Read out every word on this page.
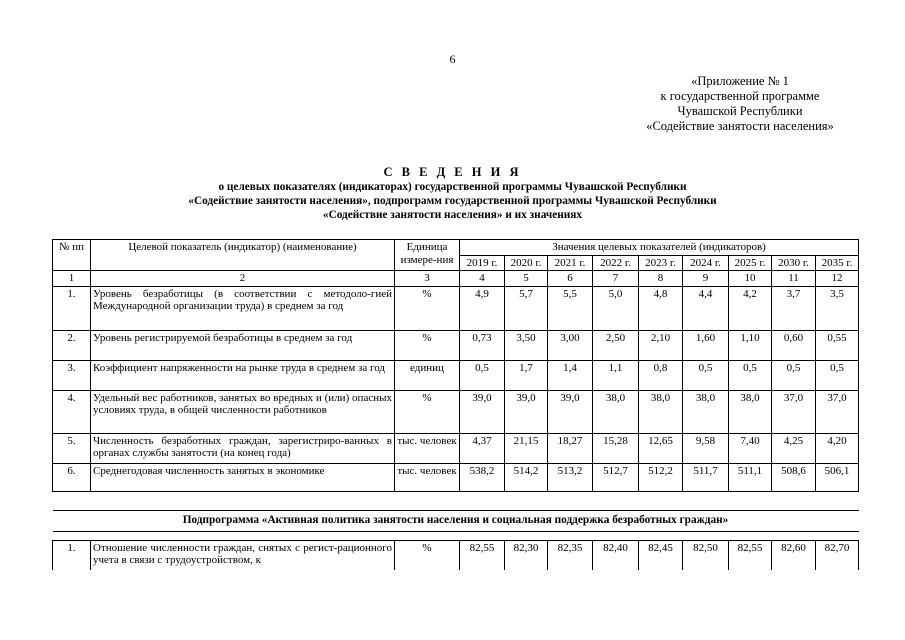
6
«Приложение № 1
к государственной программе
Чувашской Республики
«Содействие занятости населения»
С В Е Д Е Н И Я
о целевых показателях (индикаторах) государственной программы Чувашской Республики
«Содействие занятости населения», подпрограмм государственной программы Чувашской Республики
«Содействие занятости населения» и их значениях
№ пп	Целевой показатель (индикатор) (наименование)	Единица измере-ния	Значения целевых показателей (индикаторов)								
			2019 г.	2020 г.	2021 г.	2022 г.	2023 г.	2024 г.	2025 г.	2030 г.	2035 г.
1	2	3	4	5	6	7	8	9	10	11	12
1.	Уровень безработицы (в соответствии с методоло-гией Международной организации труда) в среднем за год	%	4,9	5,7	5,5	5,0	4,8	4,4	4,2	3,7	3,5
2.	Уровень регистрируемой безработицы в среднем за год	%	0,73	3,50	3,00	2,50	2,10	1,60	1,10	0,60	0,55
3.	Коэффициент напряженности на рынке труда в среднем за год	единиц	0,5	1,7	1,4	1,1	0,8	0,5	0,5	0,5	0,5
4.	Удельный вес работников, занятых во вредных и (или) опасных условиях труда, в общей численности работников	%	39,0	39,0	39,0	38,0	38,0	38,0	38,0	37,0	37,0
5.	Численность безработных граждан, зарегистриро-ванных в органах службы занятости (на конец года)	тыс. человек	4,37	21,15	18,27	15,28	12,65	9,58	7,40	4,25	4,20
6.	Среднегодовая численность занятых в экономике	тыс. человек	538,2	514,2	513,2	512,7	512,2	511,7	511,1	508,6	506,1

Подпрограмма «Активная политика занятости населения и социальная поддержка безработных граждан»											

1.	Отношение численности граждан, снятых с регист-рационного учета в связи с трудоустройством, к	%	82,55	82,30	82,35	82,40	82,45	82,50	82,55	82,60	82,70
